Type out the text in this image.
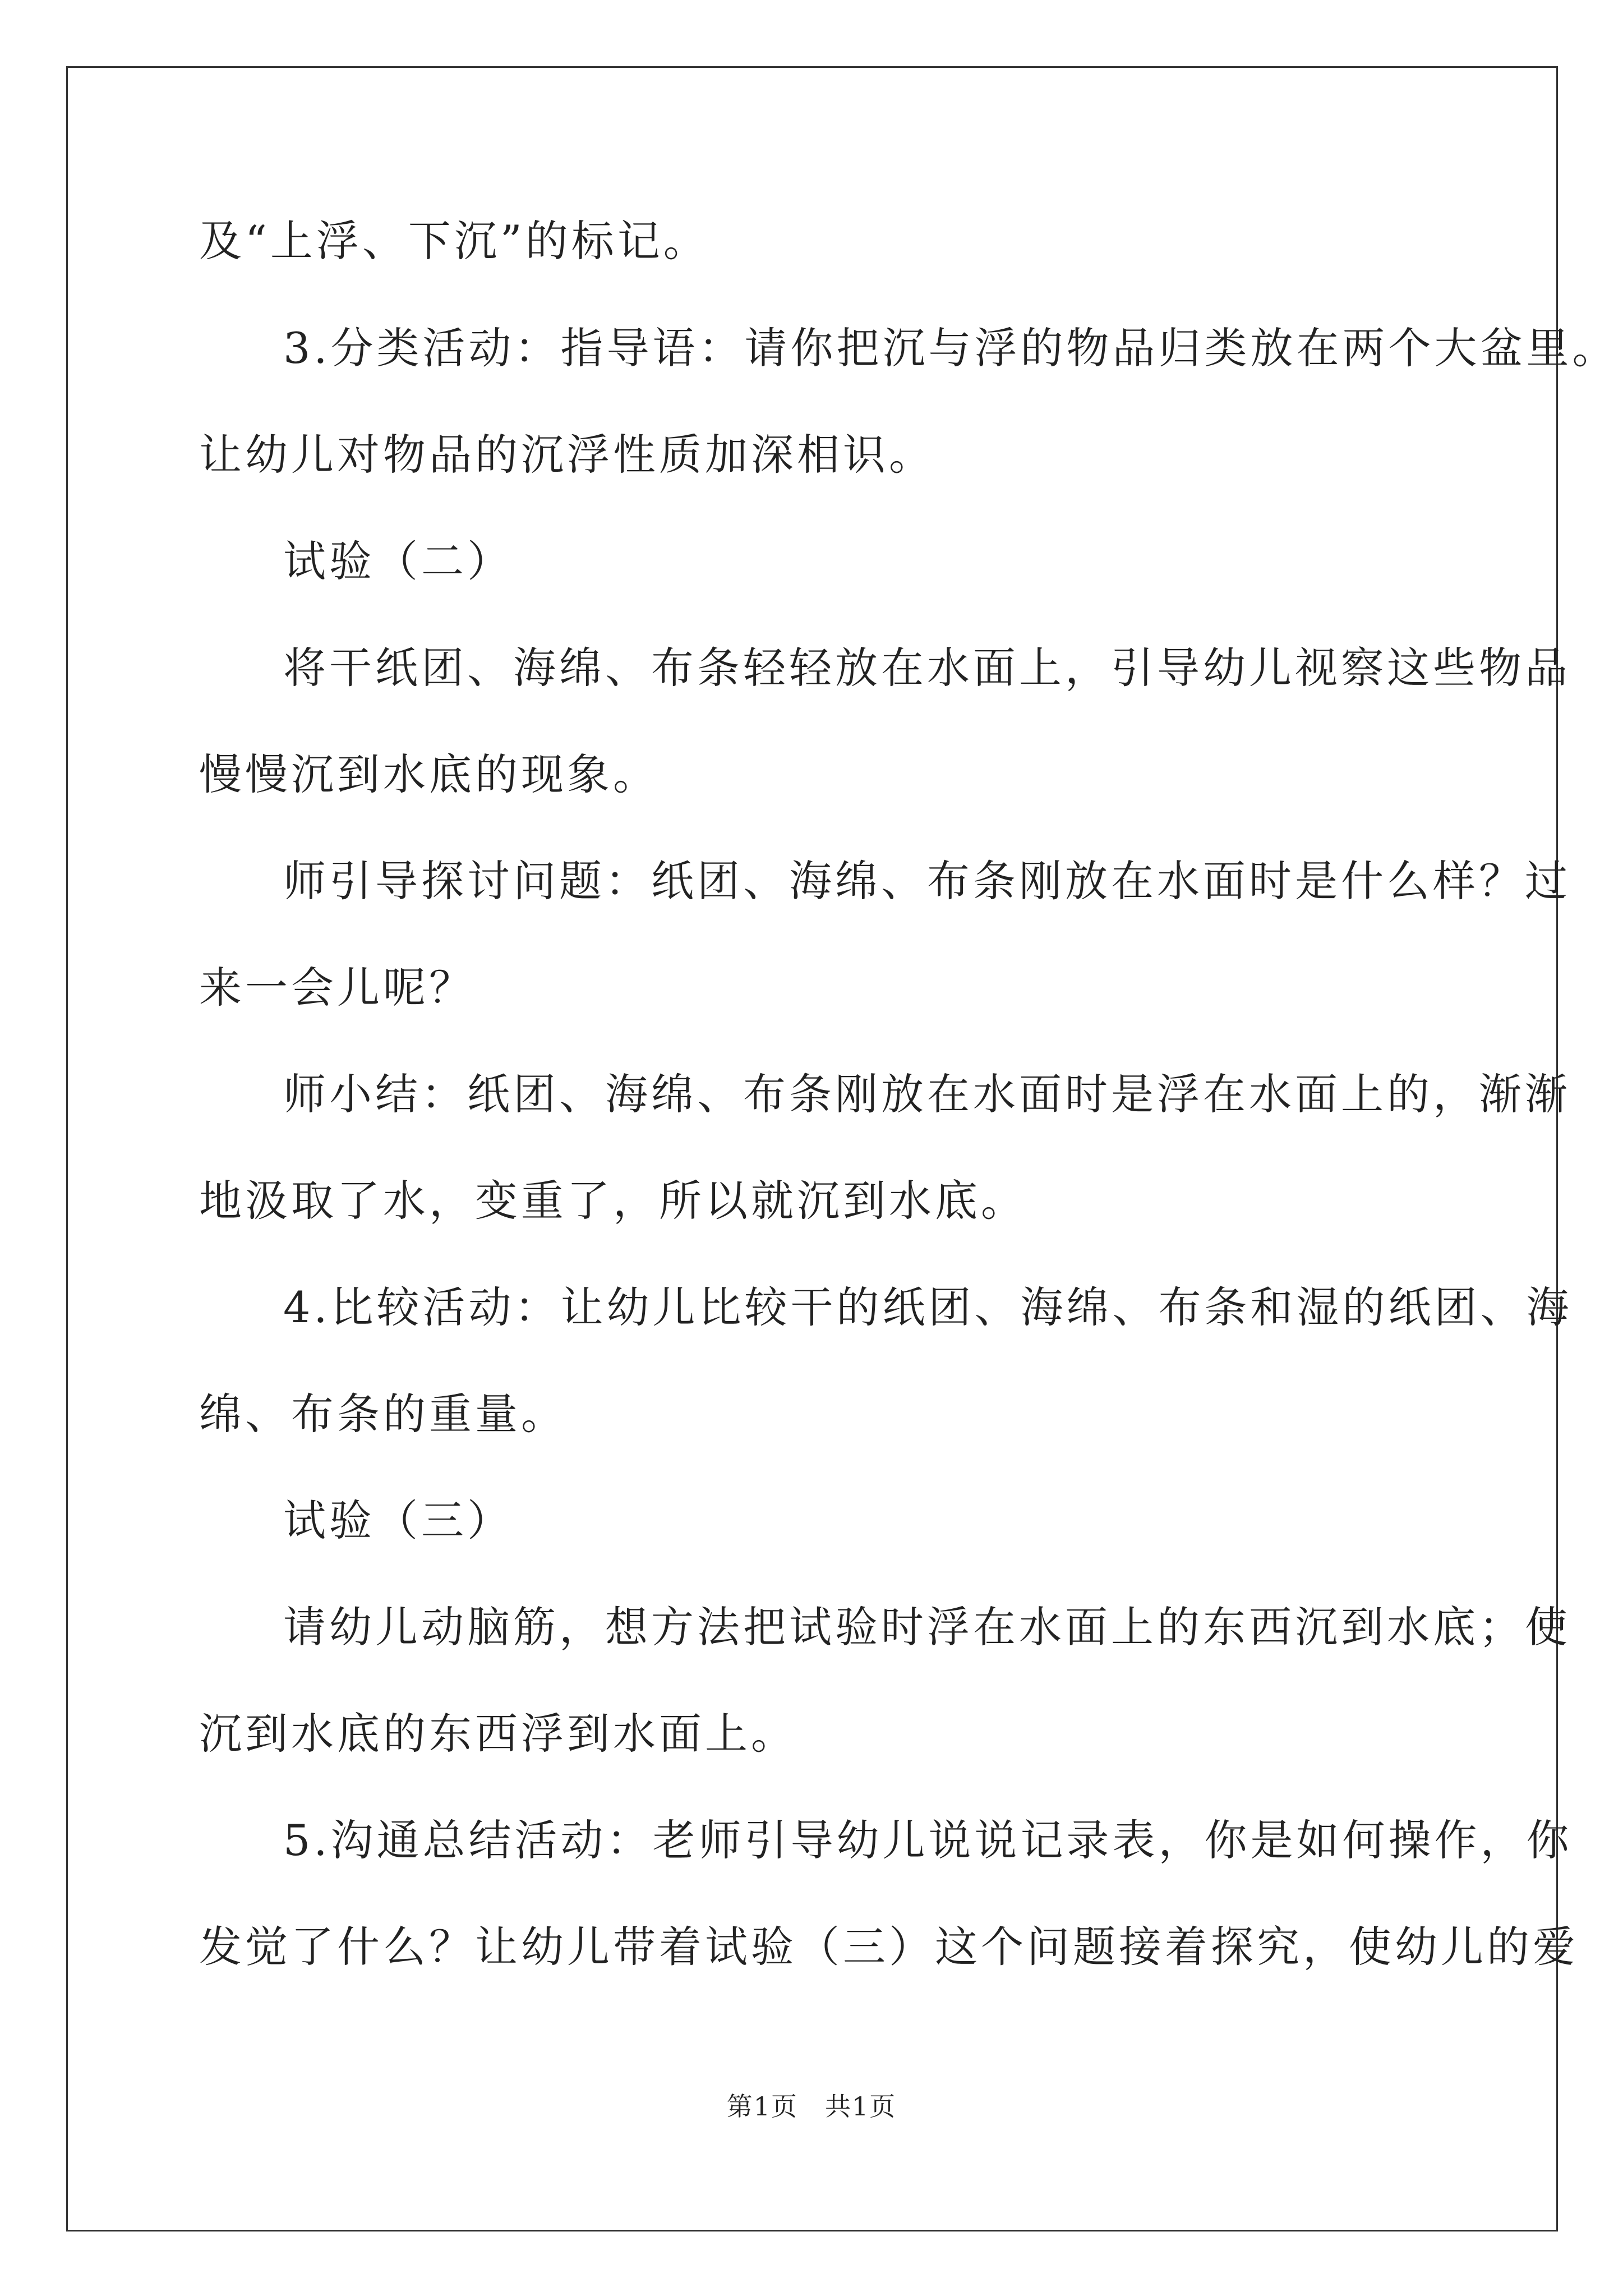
及“上浮、下沉”的标记。
3.分类活动：指导语：请你把沉与浮的物品归类放在两个大盆里。
让幼儿对物品的沉浮性质加深相识。
试验（二）
将干纸团、海绵、布条轻轻放在水面上，引导幼儿视察这些物品
慢慢沉到水底的现象。
师引导探讨问题：纸团、海绵、布条刚放在水面时是什么样？过
来一会儿呢？
师小结：纸团、海绵、布条刚放在水面时是浮在水面上的，渐渐
地汲取了水，变重了，所以就沉到水底。
4.比较活动：让幼儿比较干的纸团、海绵、布条和湿的纸团、海
绵、布条的重量。
试验（三）
请幼儿动脑筋，想方法把试验时浮在水面上的东西沉到水底；使
沉到水底的东西浮到水面上。
5.沟通总结活动：老师引导幼儿说说记录表，你是如何操作，你
发觉了什么？让幼儿带着试验（三）这个问题接着探究，使幼儿的爱
第1页　共1页
